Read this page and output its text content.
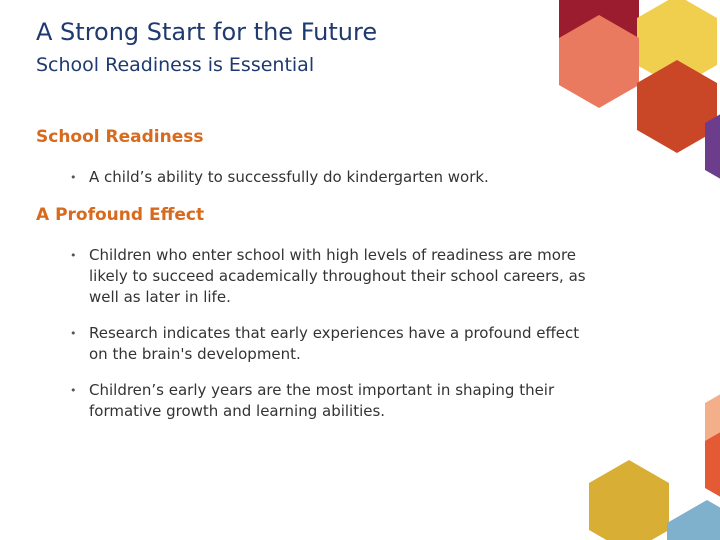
A Strong Start for the Future
School Readiness is Essential
School Readiness
• A child’s ability to successfully do kindergarten work.
A Profound Effect
• Children who enter school with high levels of readiness are more likely to succeed academically throughout their school careers, as well as later in life.
• Research indicates that early experiences have a profound effect on the brain's development.
• Children’s early years are the most important in shaping their formative growth and learning abilities.
